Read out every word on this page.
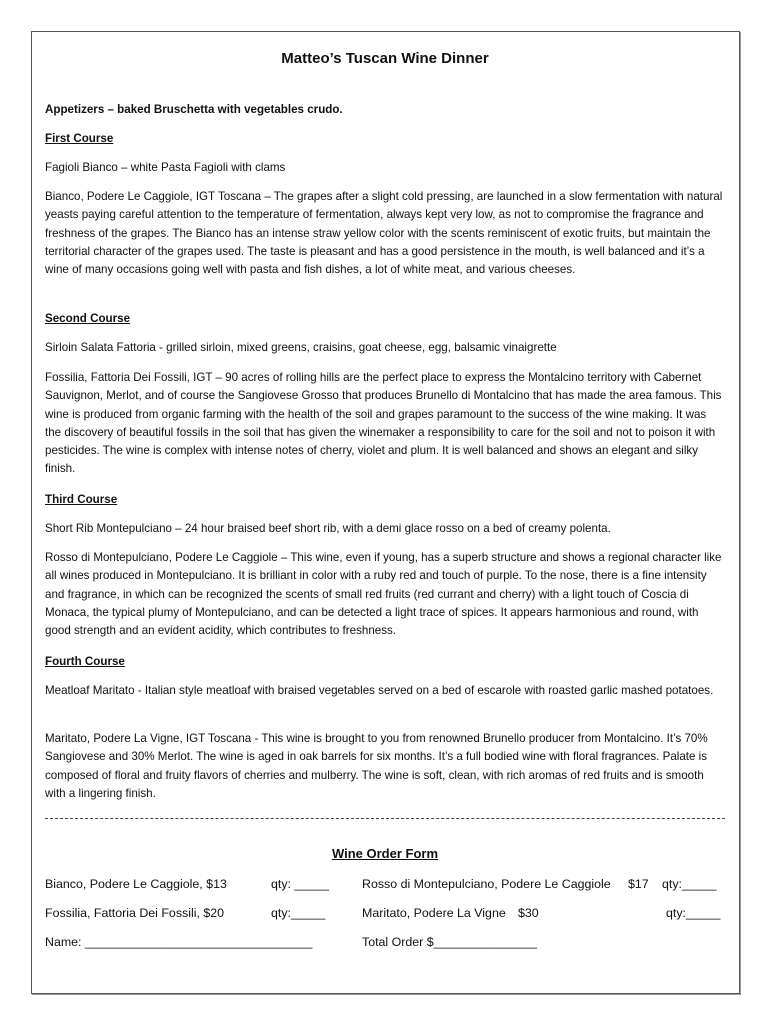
Matteo’s Tuscan Wine Dinner
Appetizers – baked Bruschetta with vegetables crudo.
First Course
Fagioli Bianco – white Pasta Fagioli with clams
Bianco, Podere Le Caggiole, IGT Toscana – The grapes after a slight cold pressing, are launched in a slow fermentation with natural yeasts paying careful attention to the temperature of fermentation, always kept very low, as not to compromise the fragrance and freshness of the grapes. The Bianco has an intense straw yellow color with the scents reminiscent of exotic fruits, but maintain the territorial character of the grapes used. The taste is pleasant and has a good persistence in the mouth, is well balanced and it’s a wine of many occasions going well with pasta and fish dishes, a lot of white meat, and various cheeses.
Second Course
Sirloin Salata Fattoria - grilled sirloin, mixed greens, craisins, goat cheese, egg, balsamic vinaigrette
Fossilia, Fattoria Dei Fossili, IGT – 90 acres of rolling hills are the perfect place to express the Montalcino territory with Cabernet Sauvignon, Merlot, and of course the Sangiovese Grosso that produces Brunello di Montalcino that has made the area famous. This wine is produced from organic farming with the health of the soil and grapes paramount to the success of the wine making. It was the discovery of beautiful fossils in the soil that has given the winemaker a responsibility to care for the soil and not to poison it with pesticides. The wine is complex with intense notes of cherry, violet and plum. It is well balanced and shows an elegant and silky finish.
Third Course
Short Rib Montepulciano – 24 hour braised beef short rib, with a demi glace rosso on a bed of creamy polenta.
Rosso di Montepulciano, Podere Le Caggiole – This wine, even if young, has a superb structure and shows a regional character like all wines produced in Montepulciano. It is brilliant in color with a ruby red and touch of purple. To the nose, there is a fine intensity and fragrance, in which can be recognized the scents of small red fruits (red currant and cherry) with a light touch of Coscia di Monaca, the typical plumy of Montepulciano, and can be detected a light trace of spices. It appears harmonious and round, with good strength and an evident acidity, which contributes to freshness.
Fourth Course
Meatloaf Maritato - Italian style meatloaf with braised vegetables served on a bed of escarole with roasted garlic mashed potatoes.
Maritato, Podere La Vigne, IGT Toscana - This wine is brought to you from renowned Brunello producer from Montalcino. It’s 70% Sangiovese and 30% Merlot. The wine is aged in oak barrels for six months. It’s a full bodied wine with floral fragrances. Palate is composed of floral and fruity flavors of cherries and mulberry. The wine is soft, clean, with rich aromas of red fruits and is smooth with a lingering finish.
Wine Order Form
Bianco, Podere Le Caggiole, $13	qty: _____	Rosso di Montepulciano, Podere Le Caggiole $17 qty:_____
Fossilia, Fattoria Dei Fossili, $20	qty:_____	Maritato, Podere La Vigne $30	qty:_____
Name: _________________________________	Total Order $_______________
